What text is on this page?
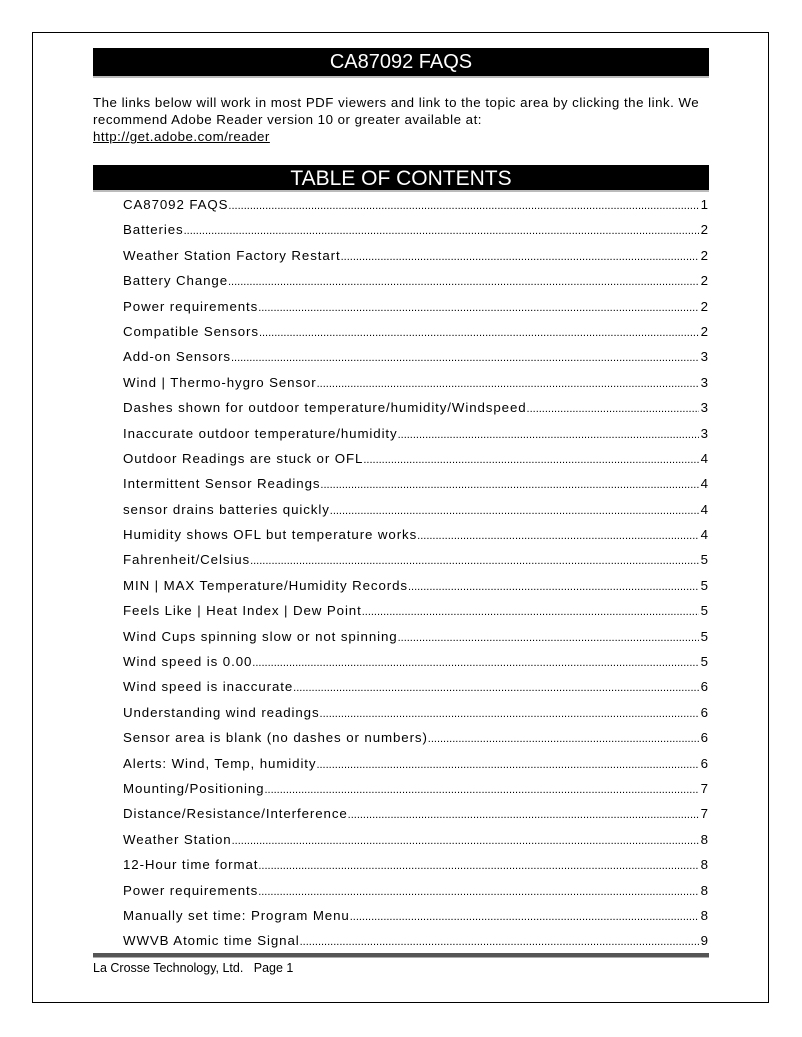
CA87092 FAQS
The links below will work in most PDF viewers and link to the topic area by clicking the link. We recommend Adobe Reader version 10 or greater available at:
http://get.adobe.com/reader
TABLE OF CONTENTS
CA87092 FAQS .....	1
Batteries .....	2
Weather Station Factory Restart .....	2
Battery Change .....	2
Power requirements .....	2
Compatible Sensors .....	2
Add-on Sensors .....	3
Wind | Thermo-hygro Sensor .....	3
Dashes shown for outdoor temperature/humidity/Windspeed .....	3
Inaccurate outdoor temperature/humidity .....	3
Outdoor Readings are stuck or OFL .....	4
Intermittent Sensor Readings .....	4
sensor drains batteries quickly .....	4
Humidity shows OFL but temperature works .....	4
Fahrenheit/Celsius .....	5
MIN | MAX Temperature/Humidity Records .....	5
Feels Like | Heat Index | Dew Point .....	5
Wind Cups spinning slow or not spinning .....	5
Wind speed is 0.00 .....	5
Wind speed is inaccurate .....	6
Understanding wind readings .....	6
Sensor area is blank (no dashes or numbers) .....	6
Alerts: Wind, Temp, humidity .....	6
Mounting/Positioning .....	7
Distance/Resistance/Interference .....	7
Weather Station .....	8
12-Hour time format .....	8
Power requirements .....	8
Manually set time: Program Menu .....	8
WWVB Atomic time Signal .....	9
La Crosse Technology, Ltd.   Page 1
